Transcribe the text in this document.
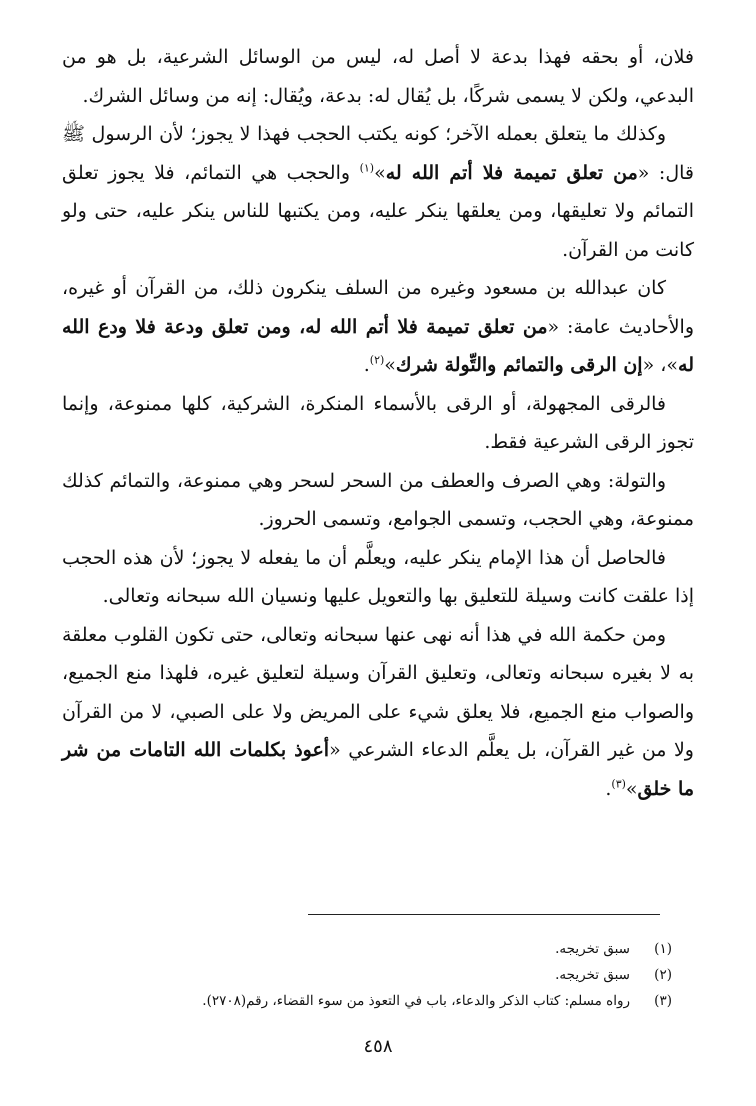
فلان، أو بحقه فهذا بدعة لا أصل له، ليس من الوسائل الشرعية، بل هو من البدعي، ولكن لا يسمى شركًا، بل يُقال له: بدعة، ويُقال: إنه من وسائل الشرك.

وكذلك ما يتعلق بعمله الآخر؛ كونه يكتب الحجب فهذا لا يجوز؛ لأن الرسول ﷺ قال: «من تعلق تميمة فلا أتم الله له»$^{(١)}$ والحجب هي التمائم، فلا يجوز تعلق التمائم ولا تعليقها، ومن يعلقها ينكر عليه، ومن يكتبها للناس ينكر عليه، حتى ولو كانت من القرآن.

كان عبدالله بن مسعود وغيره من السلف ينكرون ذلك، من القرآن أو غيره، والأحاديث عامة: «من تعلق تميمة فلا أتم الله له، ومن تعلق ودعة فلا ودع الله له»، «إن الرقى والتمائم والتِّولة شرك»$^{(٢)}$.

فالرقى المجهولة، أو الرقى بالأسماء المنكرة، الشركية، كلها ممنوعة، وإنما تجوز الرقى الشرعية فقط.

والتولة: وهي الصرف والعطف من السحر لسحر وهي ممنوعة، والتمائم كذلك ممنوعة، وهي الحجب، وتسمى الجوامع، وتسمى الحروز.

فالحاصل أن هذا الإمام ينكر عليه، ويعلَّم أن ما يفعله لا يجوز؛ لأن هذه الحجب إذا علقت كانت وسيلة للتعليق بها والتعويل عليها ونسيان الله سبحانه وتعالى.

ومن حكمة الله في هذا أنه نهى عنها سبحانه وتعالى، حتى تكون القلوب معلقة به لا بغيره سبحانه وتعالى، وتعليق القرآن وسيلة لتعليق غيره، فلهذا منع الجميع، والصواب منع الجميع، فلا يعلق شيء على المريض ولا على الصبي، لا من القرآن ولا من غير القرآن، بل يعلَّم الدعاء الشرعي «أعوذ بكلمات الله التامات من شر ما خلق»$^{(٣)}$.

(١)
سبق تخريجه.
(٢)
سبق تخريجه.
(٣)
رواه مسلم: كتاب الذكر والدعاء، باب في التعوذ من سوء القضاء، رقم(٢٧٠٨).
٤٥٨
